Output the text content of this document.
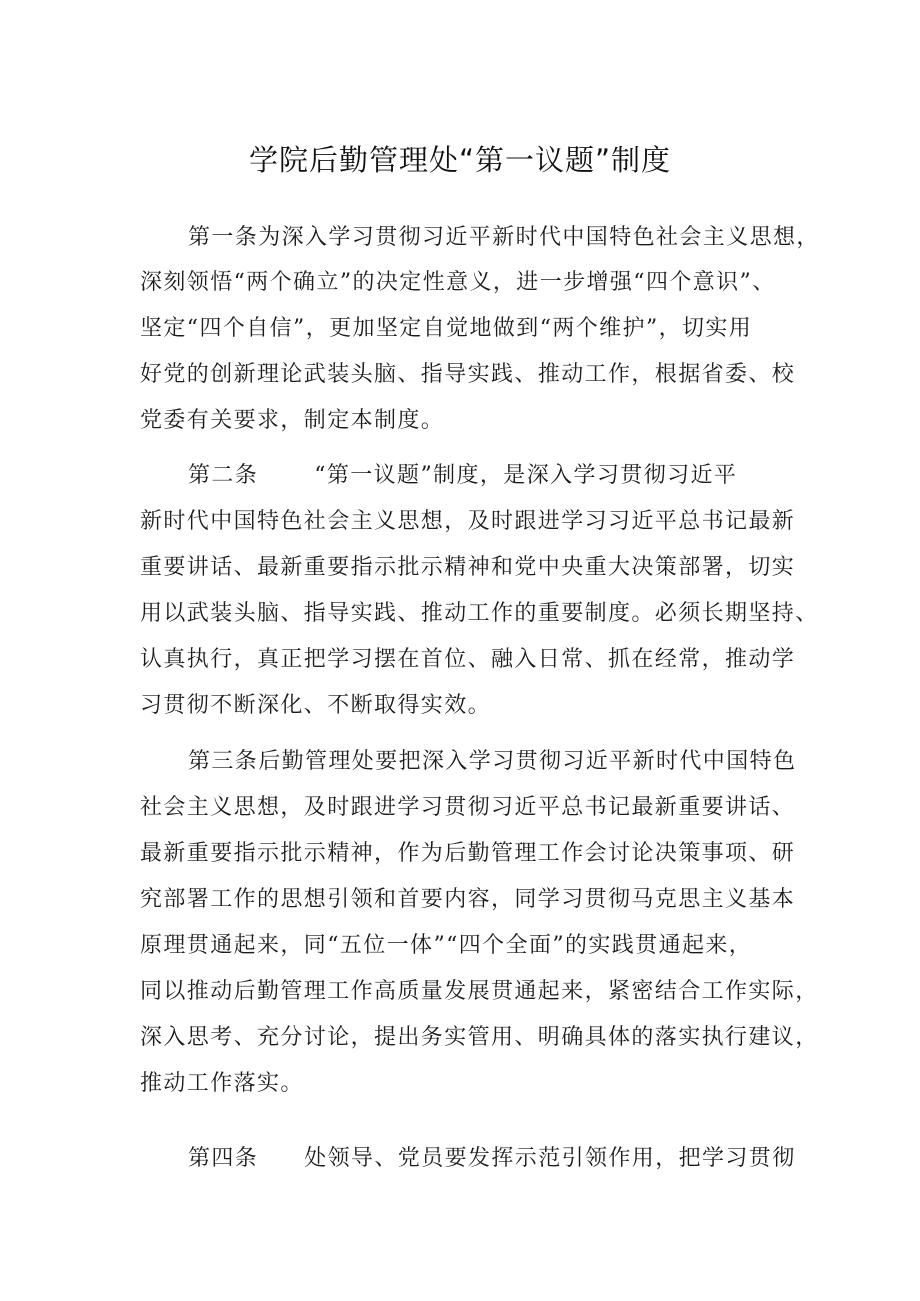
学院后勤管理处“第一议题”制度
第一条为深入学习贯彻习近平新时代中国特色社会主义思想，
深刻领悟“两个确立”的决定性意义，进一步增强“四个意识”、
坚定“四个自信”，更加坚定自觉地做到“两个维护”，切实用
好党的创新理论武装头脑、指导实践、推动工作，根据省委、校
党委有关要求，制定本制度。
第二条	“第一议题”制度，是深入学习贯彻习近平
新时代中国特色社会主义思想，及时跟进学习习近平总书记最新
重要讲话、最新重要指示批示精神和党中央重大决策部署，切实
用以武装头脑、指导实践、推动工作的重要制度。必须长期坚持、
认真执行，真正把学习摆在首位、融入日常、抓在经常，推动学
习贯彻不断深化、不断取得实效。
第三条后勤管理处要把深入学习贯彻习近平新时代中国特色
社会主义思想，及时跟进学习贯彻习近平总书记最新重要讲话、
最新重要指示批示精神，作为后勤管理工作会讨论决策事项、研
究部署工作的思想引领和首要内容，同学习贯彻马克思主义基本
原理贯通起来，同“五位一体”“四个全面”的实践贯通起来，
同以推动后勤管理工作高质量发展贯通起来，紧密结合工作实际，
深入思考、充分讨论，提出务实管用、明确具体的落实执行建议，
推动工作落实。
第四条 处领导、党员要发挥示范引领作用，把学习贯彻
